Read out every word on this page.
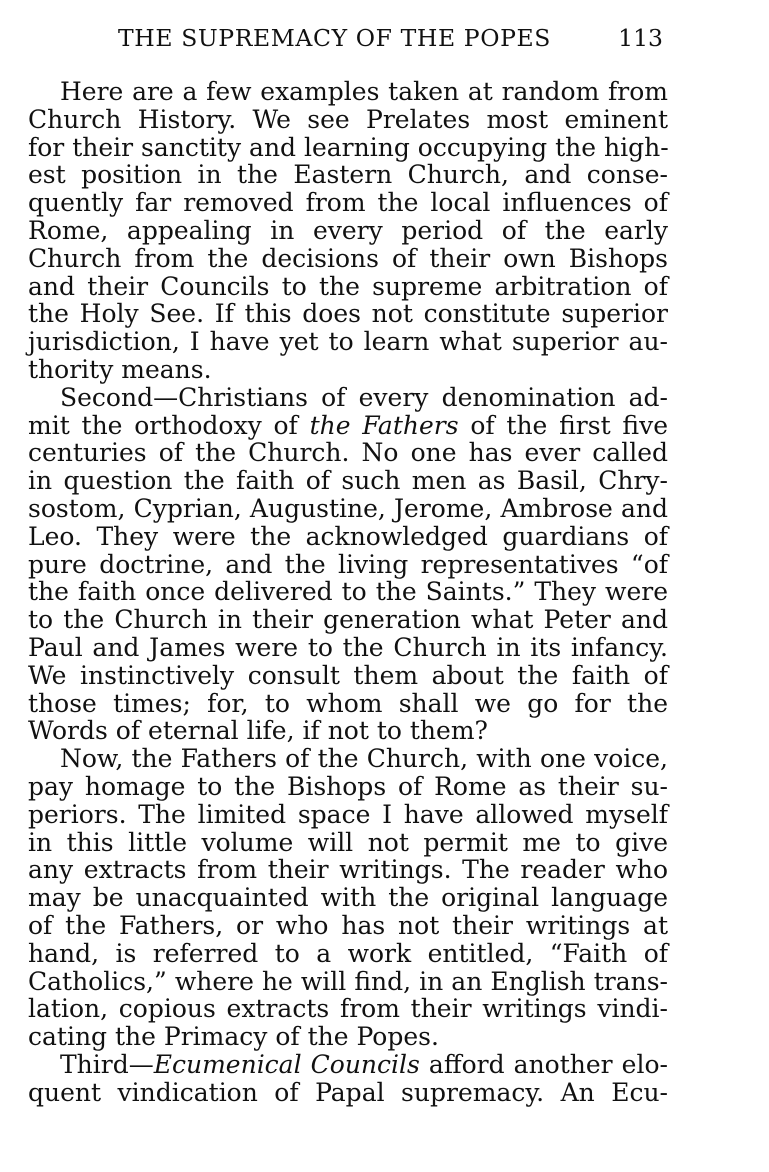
THE SUPREMACY OF THE POPES	113
Here are a few examples taken at random from
Church History. We see Prelates most eminent
for their sanctity and learning occupying the high-
est position in the Eastern Church, and conse-
quently far removed from the local influences of
Rome, appealing in every period of the early
Church from the decisions of their own Bishops
and their Councils to the supreme arbitration of
the Holy See. If this does not constitute superior
jurisdiction, I have yet to learn what superior au-
thority means.
Second—Christians of every denomination ad-
mit the orthodoxy of the Fathers of the first five
centuries of the Church. No one has ever called
in question the faith of such men as Basil, Chry-
sostom, Cyprian, Augustine, Jerome, Ambrose and
Leo. They were the acknowledged guardians of
pure doctrine, and the living representatives “of
the faith once delivered to the Saints.” They were
to the Church in their generation what Peter and
Paul and James were to the Church in its infancy.
We instinctively consult them about the faith of
those times; for, to whom shall we go for the
Words of eternal life, if not to them?
Now, the Fathers of the Church, with one voice,
pay homage to the Bishops of Rome as their su-
periors. The limited space I have allowed myself
in this little volume will not permit me to give
any extracts from their writings. The reader who
may be unacquainted with the original language
of the Fathers, or who has not their writings at
hand, is referred to a work entitled, “Faith of
Catholics,” where he will find, in an English trans-
lation, copious extracts from their writings vindi-
cating the Primacy of the Popes.
Third—Ecumenical Councils afford another elo-
quent vindication of Papal supremacy. An Ecu-
